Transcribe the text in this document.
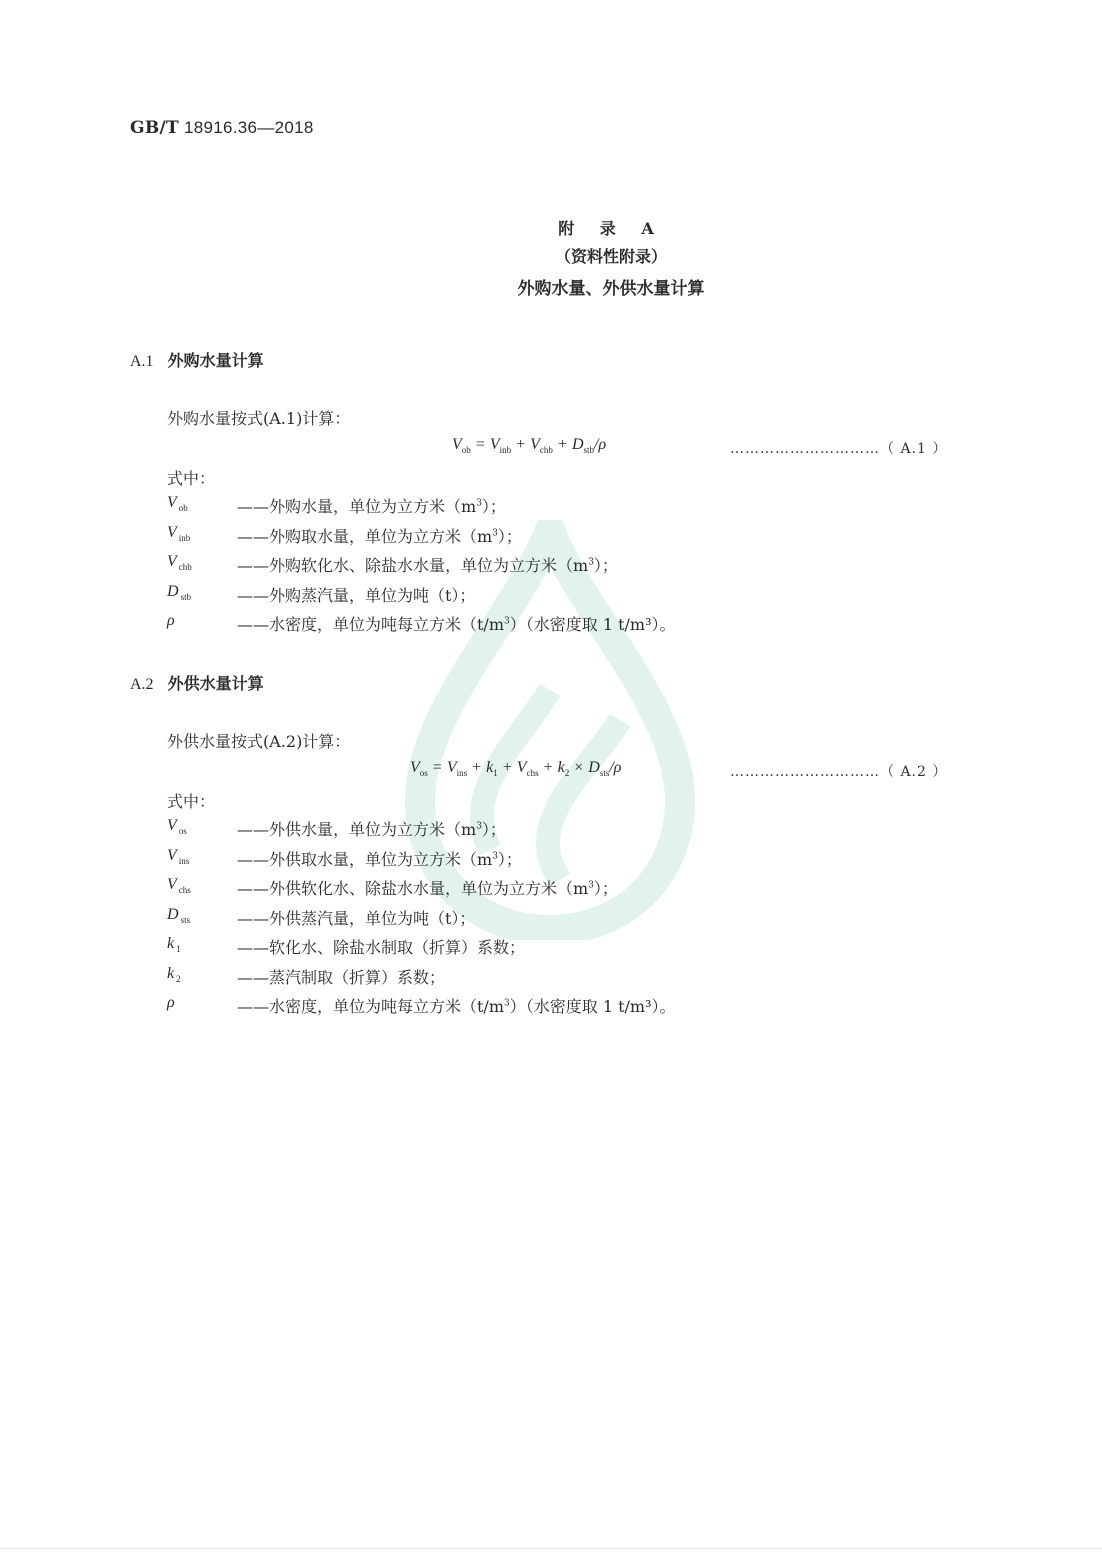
GB/T 18916.36—2018
附 录 A
（资料性附录）
外购水量、外供水量计算
A.1 外购水量计算
外购水量按式(A.1)计算：
$V_{ob} = V_{inb} + V_{chb} + D_{stb}/\rho$	…………………………（ A.1 ）
式中：
V $_{ob}$	——外购水量，单位为立方米$(m^3)$；
V $_{inb}$	——外购取水量，单位为立方米$(m^3)$；
V $_{chb}$	——外购软化水、除盐水水量，单位为立方米$(m^3)$；
D $_{stb}$	——外购蒸汽量，单位为吨（t）；
ρ	——水密度，单位为吨每立方米$(t/m^3)$（水密度取 1 t/m³）。
A.2 外供水量计算
外供水量按式(A.2)计算：
$V_{os} = V_{ins} + k_1 + V_{chs} + k_2 \times D_{sts}/\rho$	…………………………（ A.2 ）
式中：
V $_{os}$	——外供水量，单位为立方米$(m^3)$；
V $_{ins}$	——外供取水量，单位为立方米$(m^3)$；
V $_{chs}$	——外供软化水、除盐水水量，单位为立方米$(m^3)$；
D $_{sts}$	——外供蒸汽量，单位为吨（t）；
k $_1$	——软化水、除盐水制取（折算）系数；
k $_2$	——蒸汽制取（折算）系数；
ρ	——水密度，单位为吨每立方米$(t/m^3)$（水密度取 1 t/m³）。
